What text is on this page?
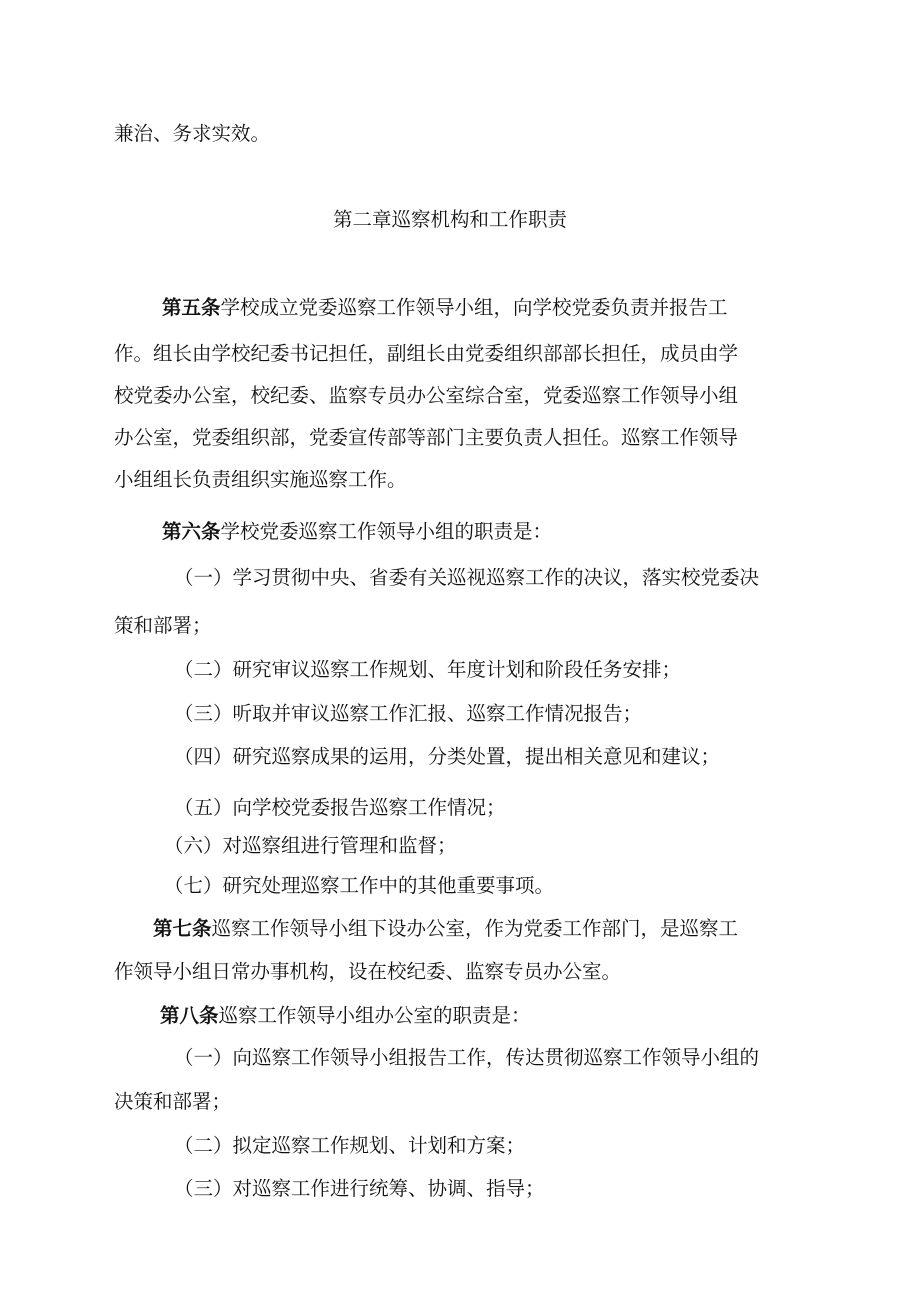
兼治、务求实效。

第二章巡察机构和工作职责

第五条学校成立党委巡察工作领导小组，向学校党委负责并报告工

作。组长由学校纪委书记担任，副组长由党委组织部部长担任，成员由学

校党委办公室，校纪委、监察专员办公室综合室，党委巡察工作领导小组

办公室，党委组织部，党委宣传部等部门主要负责人担任。巡察工作领导

小组组长负责组织实施巡察工作。

第六条学校党委巡察工作领导小组的职责是：

（一）学习贯彻中央、省委有关巡视巡察工作的决议，落实校党委决

策和部署；

（二）研究审议巡察工作规划、年度计划和阶段任务安排；

（三）听取并审议巡察工作汇报、巡察工作情况报告；

（四）研究巡察成果的运用，分类处置，提出相关意见和建议；

（五）向学校党委报告巡察工作情况；

（六）对巡察组进行管理和监督；

（七）研究处理巡察工作中的其他重要事项。

第七条巡察工作领导小组下设办公室，作为党委工作部门，是巡察工

作领导小组日常办事机构，设在校纪委、监察专员办公室。

第八条巡察工作领导小组办公室的职责是：

（一）向巡察工作领导小组报告工作，传达贯彻巡察工作领导小组的

决策和部署；

（二）拟定巡察工作规划、计划和方案；

（三）对巡察工作进行统筹、协调、指导；
